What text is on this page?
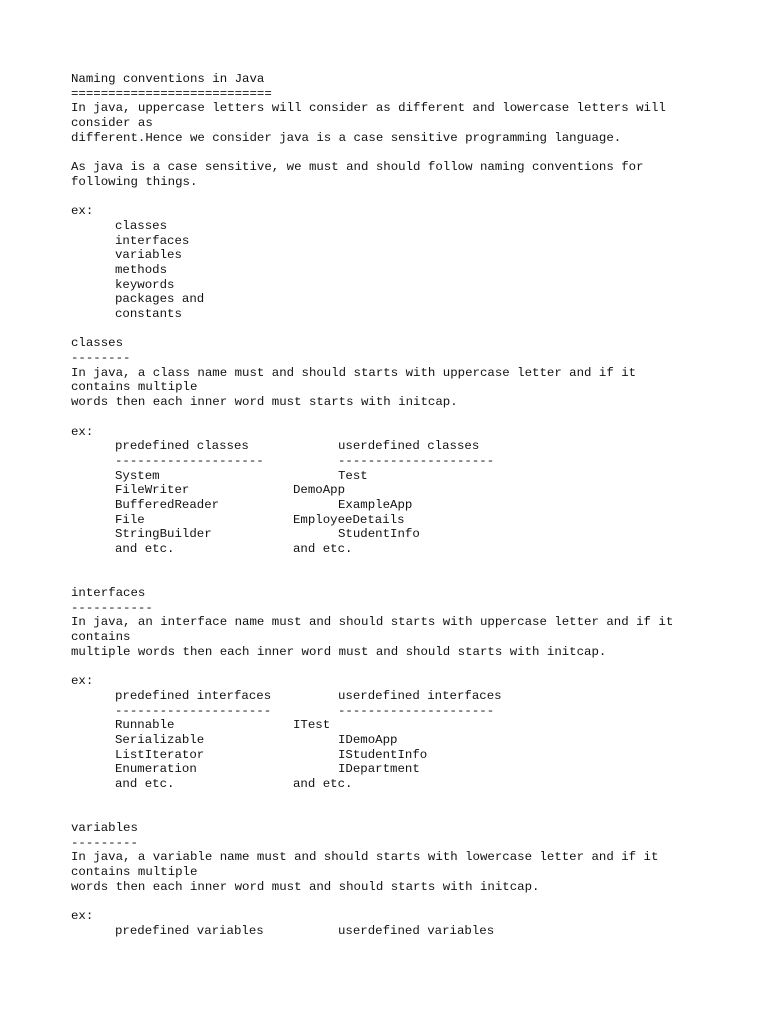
Naming conventions in Java
===========================
In java, uppercase letters will consider as different and lowercase letters will
consider as
different.Hence we consider java is a case sensitive programming language.
As java is a case sensitive, we must and should follow naming conventions for
following things.
ex:
classes
interfaces
variables
methods
keywords
packages and
constants
classes
--------
In java, a class name must and should starts with uppercase letter and if it
contains multiple
words then each inner word must starts with initcap.
ex:
predefined classes	userdefined classes
--------------------	---------------------
System	Test
FileWriter	DemoApp
BufferedReader	ExampleApp
File	EmployeeDetails
StringBuilder	StudentInfo
and etc.	and etc.
interfaces
-----------
In java, an interface name must and should starts with uppercase letter and if it
contains
multiple words then each inner word must and should starts with initcap.
ex:
predefined interfaces	userdefined interfaces
---------------------	---------------------
Runnable	ITest
Serializable	IDemoApp
ListIterator	IStudentInfo
Enumeration	IDepartment
and etc.	and etc.
variables
---------
In java, a variable name must and should starts with lowercase letter and if it
contains multiple
words then each inner word must and should starts with initcap.
ex:
predefined variables	userdefined variables
